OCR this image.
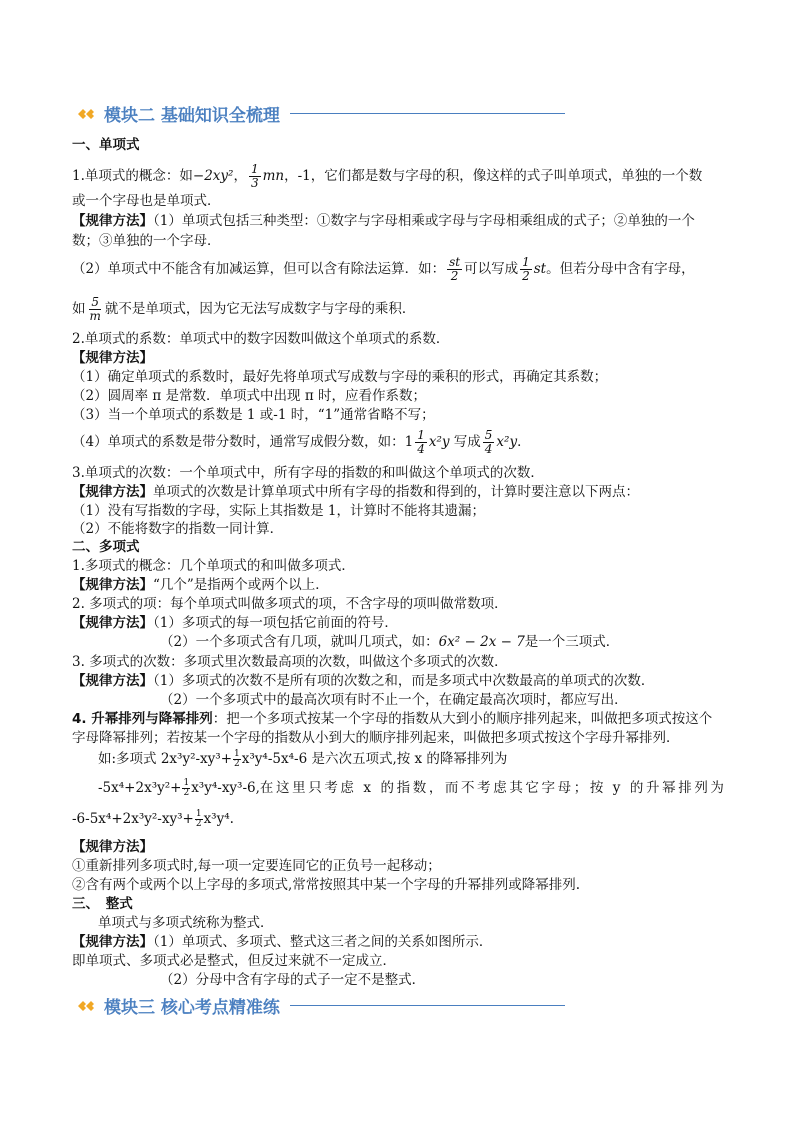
模块二 基础知识全梳理
一、单项式
1.单项式的概念：如−2xy²， $\frac{1}{3}$ mn，-1，它们都是数与字母的积，像这样的式子叫单项式，单独的一个数
或一个字母也是单项式．
【规律方法】（1）单项式包括三种类型：①数字与字母相乘或字母与字母相乘组成的式子；②单独的一个
数；③单独的一个字母．
（2）单项式中不能含有加减运算，但可以含有除法运算．如： $\frac{st}{2}$ 可以写成 $\frac{1}{2}$ st。但若分母中含有字母，
如 $\frac{5}{m}$ 就不是单项式，因为它无法写成数字与字母的乘积．
2.单项式的系数：单项式中的数字因数叫做这个单项式的系数．
【规律方法】
（1）确定单项式的系数时，最好先将单项式写成数与字母的乘积的形式，再确定其系数；
（2）圆周率 π 是常数．单项式中出现 π 时，应看作系数；
（3）当一个单项式的系数是 1 或-1 时，“1”通常省略不写；
（4）单项式的系数是带分数时，通常写成假分数，如：$1 \frac{1}{4} x^2y$ 写成 $\frac{5}{4} x^2y$．
3.单项式的次数：一个单项式中，所有字母的指数的和叫做这个单项式的次数．
【规律方法】单项式的次数是计算单项式中所有字母的指数和得到的，计算时要注意以下两点：
（1）没有写指数的字母，实际上其指数是 1，计算时不能将其遗漏；
（2）不能将数字的指数一同计算．
二、多项式
1.多项式的概念：几个单项式的和叫做多项式．
【规律方法】“几个”是指两个或两个以上．
2. 多项式的项：每个单项式叫做多项式的项，不含字母的项叫做常数项．
【规律方法】（1）多项式的每一项包括它前面的符号．
（2）一个多项式含有几项，就叫几项式，如：6x² − 2x − 7是一个三项式．
3. 多项式的次数：多项式里次数最高项的次数，叫做这个多项式的次数．
【规律方法】（1）多项式的次数不是所有项的次数之和，而是多项式中次数最高的单项式的次数．
（2）一个多项式中的最高次项有时不止一个，在确定最高次项时，都应写出．
4. 升幂排列与降幂排列：把一个多项式按某一个字母的指数从大到小的顺序排列起来，叫做把多项式按这个
字母降幂排列；若按某一个字母的指数从小到大的顺序排列起来，叫做把多项式按这个字母升幂排列．
如:多项式 $2x^3y^2-xy^3+ \frac{1}{2} x^3y^4-5x^4-6$ 是六次五项式,按 x 的降幂排列为
$-5x^4+2x^3y^2+ \frac{1}{2} x^3y^4-xy^3-6$, 在这里只考虑 x 的指数，而不考虑其它字母；按 y 的升幂排列为
$-6-5x^4+2x^3y^2-xy^3+ \frac{1}{2} x^3y^4$.
【规律方法】
①重新排列多项式时,每一项一定要连同它的正负号一起移动；
②含有两个或两个以上字母的多项式,常常按照其中某一个字母的升幂排列或降幂排列.
三、　整式
单项式与多项式统称为整式．
【规律方法】（1）单项式、多项式、整式这三者之间的关系如图所示．
即单项式、多项式必是整式，但反过来就不一定成立．
（2）分母中含有字母的式子一定不是整式．
模块三 核心考点精准练
